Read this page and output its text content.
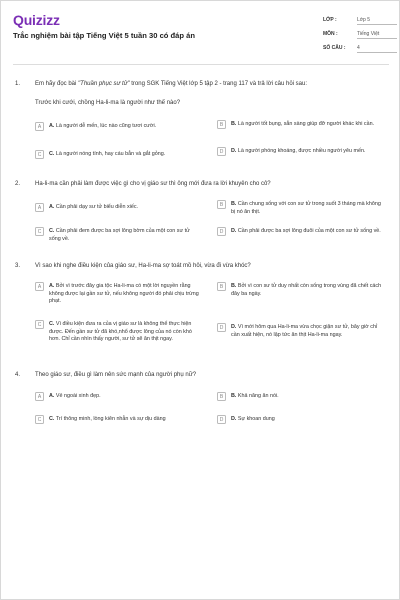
Quizizz
Trắc nghiệm bài tập Tiếng Việt 5 tuần 30 có đáp án
LỚP :	Lớp 5
MÔN :	Tiếng Việt
SỐ CÂU :	4
1. Em hãy đọc bài "Thuần phục sư tử" trong SGK Tiếng Việt lớp 5 tập 2 - trang 117 và trả lời câu hỏi sau:
Trước khi cưới, chồng Ha-li-ma là người như thế nào?
A	A. Là người dễ mến, lúc nào cũng tươi cười.	B	B. Là người tốt bụng, sẵn sàng giúp đỡ người khác khi cần.
C	C. Là người nóng tính, hay cáu bẳn và gắt gỏng.	D	D. Là người phóng khoáng, được nhiều người yêu mến.
2. Ha-li-ma cần phải làm được việc gì cho vị giáo sư thì ông mới đưa ra lời khuyên cho cô?
A	A. Cần phải dạy sư tử biểu diễn xiếc.	B	B. Cần chung sống với con sư tử trong suốt 3 tháng mà không bị nó ăn thịt.
C	C. Cần phải đem được ba sợi lông bờm của một con sư tử sống về.
D	D. Cần phải được ba sợi lông đuôi của một con sư tử sống về.
3. Vì sao khi nghe điều kiện của giáo sư, Ha-li-ma sợ toát mồ hôi, vừa đi vừa khóc?
A	A. Bởi vì trước đây gia tộc Ha-li-ma có một lời nguyền rằng không được lại gần sư tử, nếu không người đó phải chịu trừng phạt.
B	B. Bởi vì con sư tử duy nhất còn sống trong vùng đã chết cách đây ba ngày.
C	C. Vì điều kiện đưa ra của vị giáo sư là không thể thực hiện được. Đến gần sư tử đã khó,nhổ được lông của nó còn khó hơn. Chỉ cần nhìn thấy người, sư tử sẽ ăn thịt ngay.
D	D. Vì mới hôm qua Ha-li-ma vừa chọc giận sư tử, bây giờ chỉ cần xuất hiện, nó lập tức ăn thịt Ha-li-ma ngay.
4. Theo giáo sư, điều gì làm nên sức mạnh của người phụ nữ?
A	A. Vẻ ngoài xinh đẹp.	B	B. Khả năng ăn nói.
C	C. Trí thông minh, lòng kiên nhẫn và sự dịu dàng	D	D. Sự khoan dung
